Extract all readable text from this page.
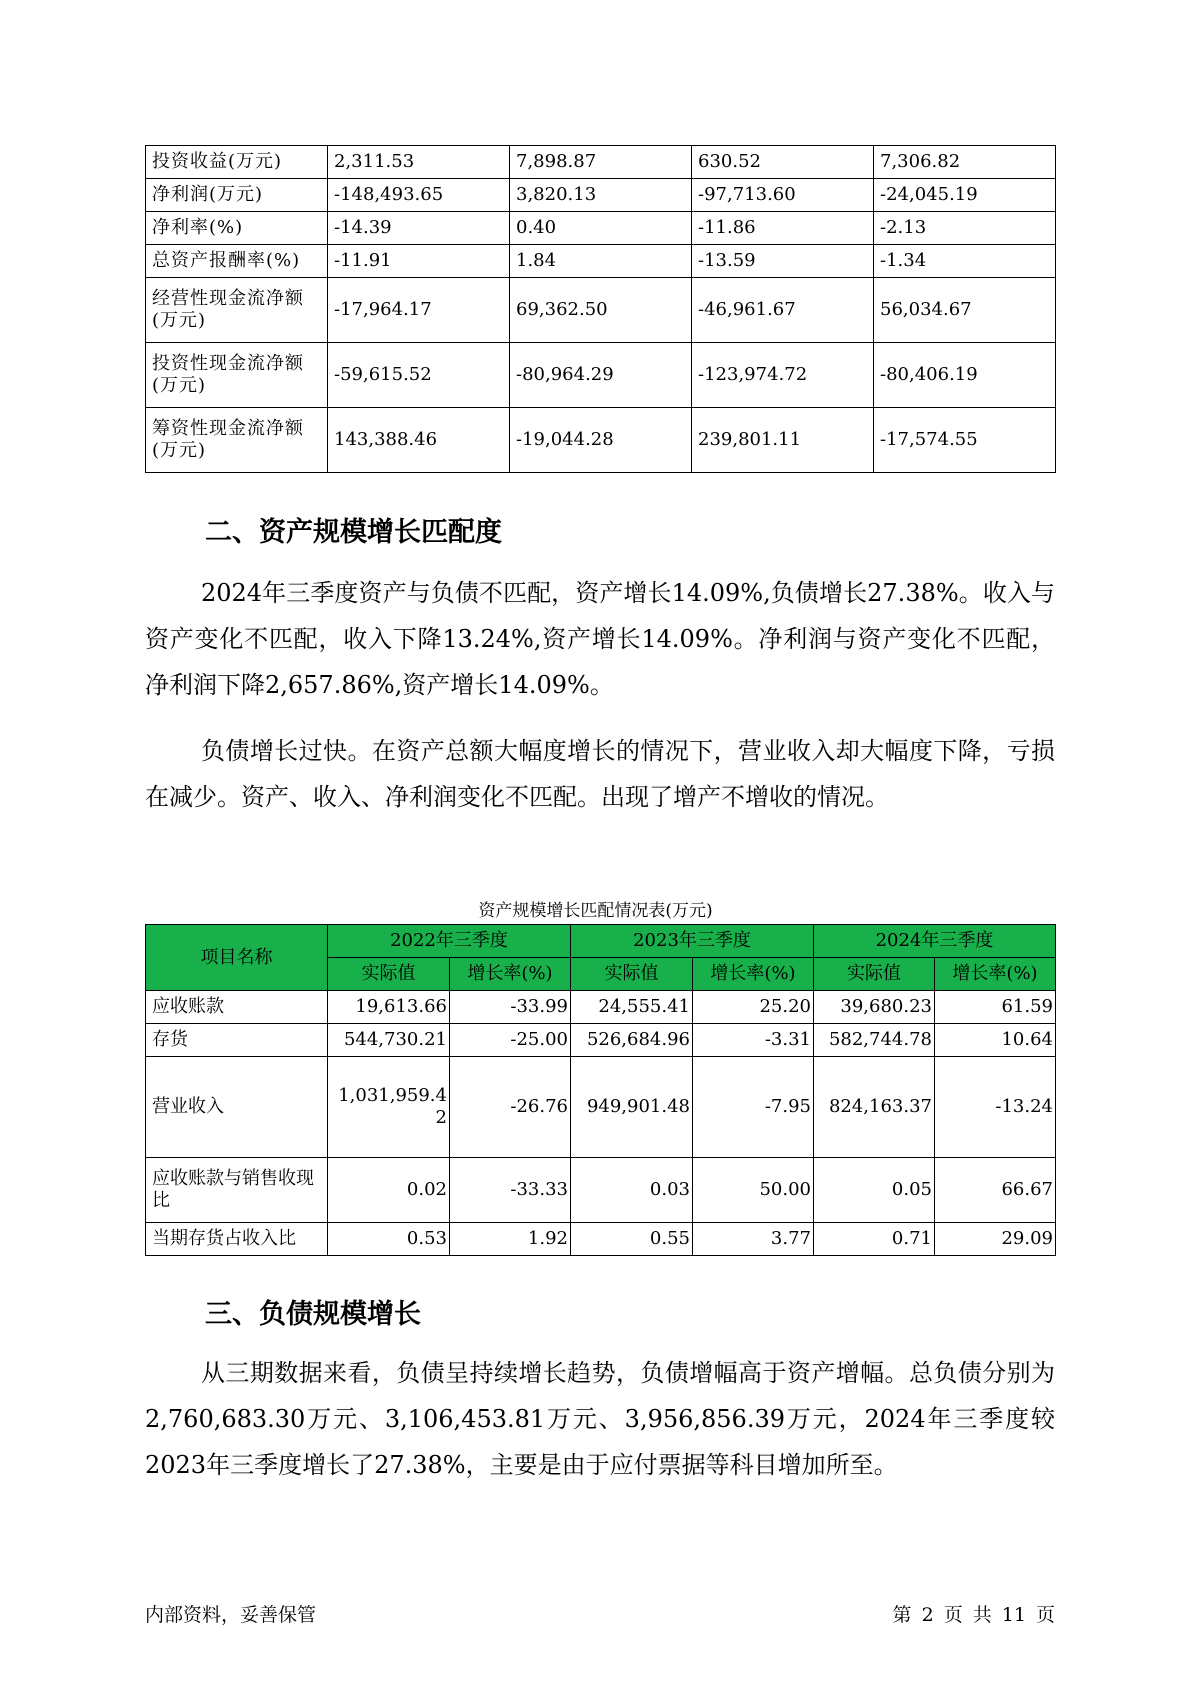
投资收益(万元)	2,311.53	7,898.87	630.52	7,306.82
净利润(万元)	-148,493.65	3,820.13	-97,713.60	-24,045.19
净利率(%)	-14.39	0.40	-11.86	-2.13
总资产报酬率(%)	-11.91	1.84	-13.59	-1.34
经营性现金流净额(万元)	-17,964.17	69,362.50	-46,961.67	56,034.67
投资性现金流净额(万元)	-59,615.52	-80,964.29	-123,974.72	-80,406.19
筹资性现金流净额(万元)	143,388.46	-19,044.28	239,801.11	-17,574.55
二、资产规模增长匹配度

2024年三季度资产与负债不匹配，资产增长14.09%,负债增长27.38%。收入与资产变化不匹配，收入下降13.24%,资产增长14.09%。净利润与资产变化不匹配，净利润下降2,657.86%,资产增长14.09%。

负债增长过快。在资产总额大幅度增长的情况下，营业收入却大幅度下降，亏损在减少。资产、收入、净利润变化不匹配。出现了增产不增收的情况。

资产规模增长匹配情况表(万元)
项目名称	2022年三季度		2023年三季度		2024年三季度	
	实际值	增长率(%)	实际值	增长率(%)	实际值	增长率(%)
应收账款	19,613.66	-33.99	24,555.41	25.20	39,680.23	61.59
存货	544,730.21	-25.00	526,684.96	-3.31	582,744.78	10.64
营业收入	1,031,959.42	-26.76	949,901.48	-7.95	824,163.37	-13.24
应收账款与销售收现比	0.02	-33.33	0.03	50.00	0.05	66.67
当期存货占收入比	0.53	1.92	0.55	3.77	0.71	29.09
三、负债规模增长

从三期数据来看，负债呈持续增长趋势，负债增幅高于资产增幅。总负债分别为2,760,683.30万元、3,106,453.81万元、3,956,856.39万元，2024年三季度较2023年三季度增长了27.38%，主要是由于应付票据等科目增加所至。

内部资料，妥善保管	第 2 页 共 11 页
